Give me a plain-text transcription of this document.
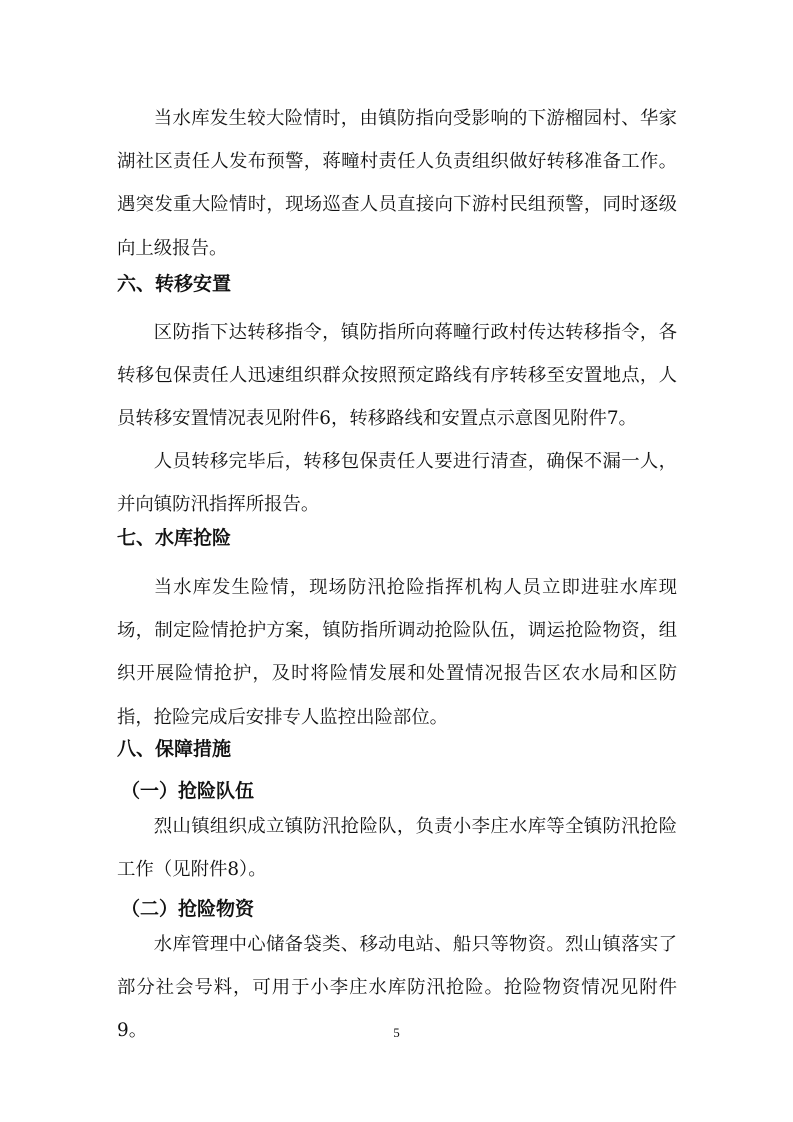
当水库发生较大险情时，由镇防指向受影响的下游榴园村、华家湖社区责任人发布预警，蒋疃村责任人负责组织做好转移准备工作。遇突发重大险情时，现场巡查人员直接向下游村民组预警，同时逐级向上级报告。

六、转移安置

区防指下达转移指令，镇防指所向蒋疃行政村传达转移指令，各转移包保责任人迅速组织群众按照预定路线有序转移至安置地点，人员转移安置情况表见附件6，转移路线和安置点示意图见附件7。

人员转移完毕后，转移包保责任人要进行清查，确保不漏一人，并向镇防汛指挥所报告。

七、水库抢险

当水库发生险情，现场防汛抢险指挥机构人员立即进驻水库现场，制定险情抢护方案，镇防指所调动抢险队伍，调运抢险物资，组织开展险情抢护，及时将险情发展和处置情况报告区农水局和区防指，抢险完成后安排专人监控出险部位。

八、保障措施
（一）抢险队伍

烈山镇组织成立镇防汛抢险队，负责小李庄水库等全镇防汛抢险工作（见附件8）。

（二）抢险物资

水库管理中心储备袋类、移动电站、船只等物资。烈山镇落实了部分社会号料，可用于小李庄水库防汛抢险。抢险物资情况见附件9。	5
